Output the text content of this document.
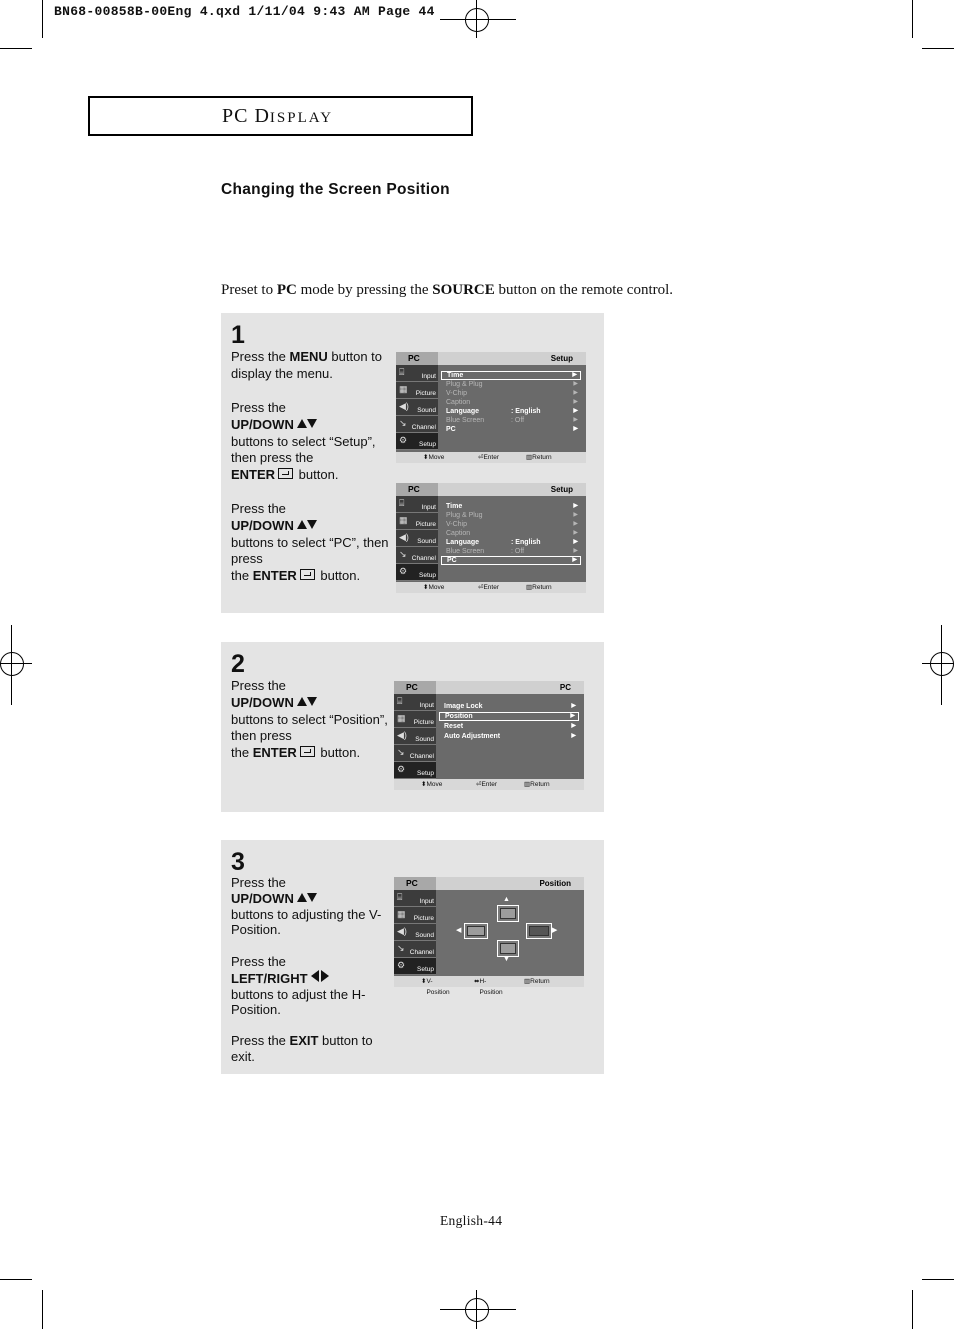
BN68-00858B-00Eng 4.qxd 1/11/04 9:43 AM Page 44
PC DISPLAY
Changing the Screen Position
Preset to PC mode by pressing the SOURCE button on the remote control.
1
Press the MENU button to display the menu.
Press the
UP/DOWN
buttons to select “Setup”, then press the
ENTER button.
Press the
UP/DOWN
buttons to select “PC”, then press
the ENTER button.
PC	Setup
⌸	Input
▦ Picture
◀) Sound
↘ Channel
⚙ Setup
Time	▶
Plug & Plug	▶
V-Chip	▶
Caption	▶
Language	: English	▶
Blue Screen	: Off	▶
PC	▶
⬍ Move	⏎ Enter	▥ Return
PC	Setup
⌸	Input
▦ Picture
◀) Sound
↘ Channel
⚙ Setup
Time	▶
Plug & Plug	▶
V-Chip	▶
Caption	▶
Language	: English	▶
Blue Screen	: Off	▶
PC	▶
⬍ Move	⏎ Enter	▥ Return
2
Press the
UP/DOWN
buttons to select “Position”, then press
the ENTER button.
PC	PC
⌸	Input
▦ Picture
◀) Sound
↘ Channel
⚙ Setup
Image Lock	▶
Position	▶
Reset	▶
Auto Adjustment	▶
⬍ Move	⏎ Enter	▥ Return
3
Press the
UP/DOWN
buttons to adjusting the V-Position.
Press the
LEFT/RIGHT
buttons to adjust the H-Position.
Press the EXIT button to exit.
PC	Position
⌸	Input
▦ Picture
◀) Sound
↘ Channel
⚙ Setup
▲
▼
◀	▶
⬍ V-Position
⬌ H-Position
▥ Return
English-44
